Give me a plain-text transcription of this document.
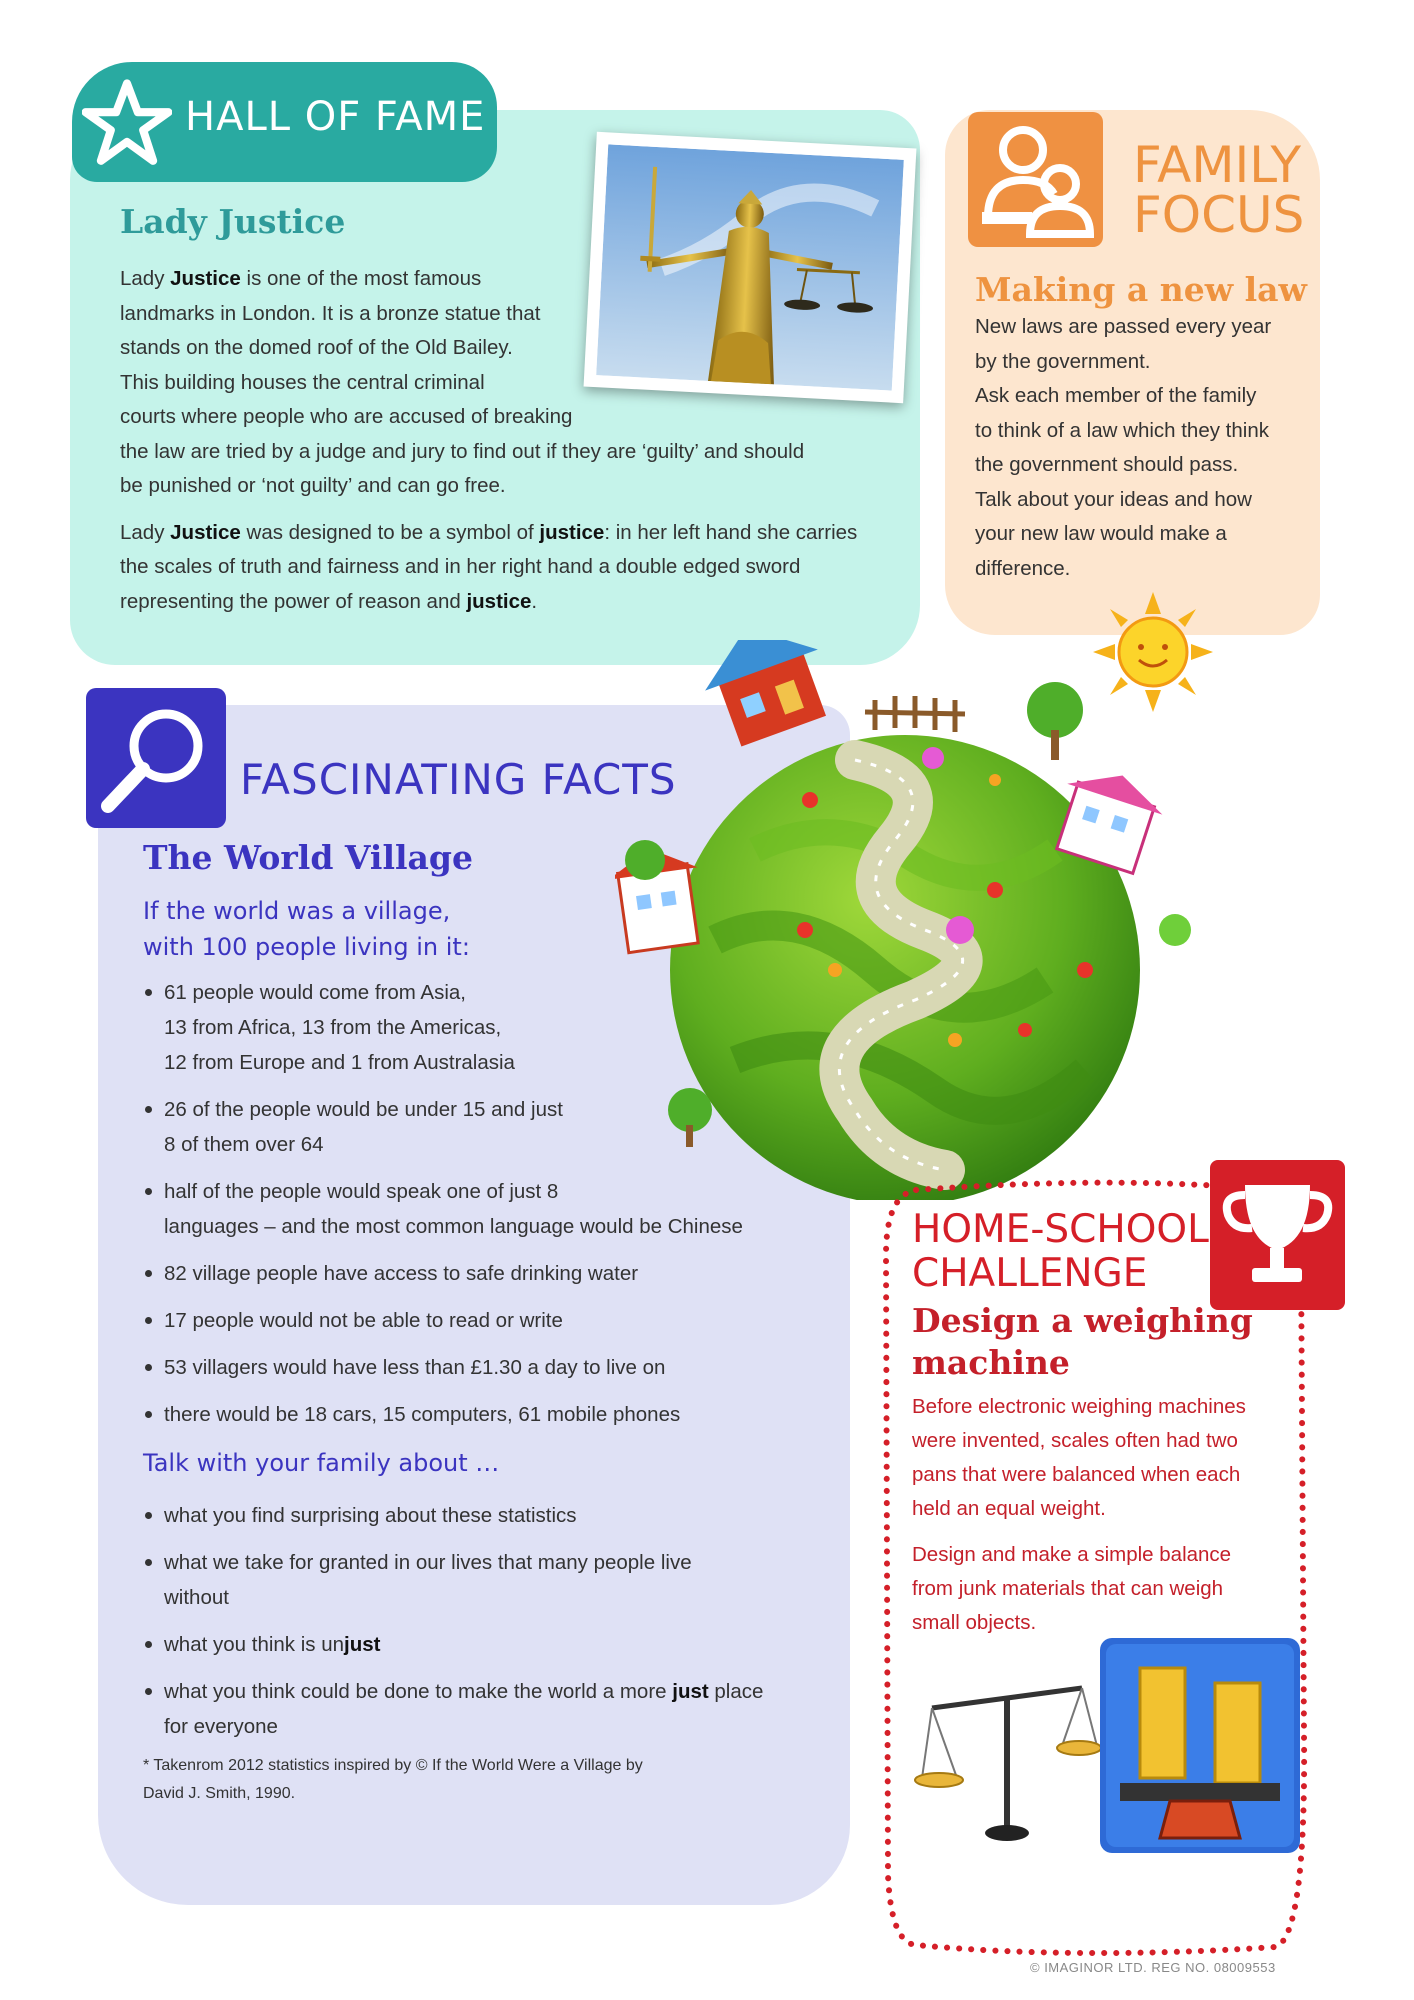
HALL OF FAME
Lady Justice

Lady Justice is one of the most famous
landmarks in London. It is a bronze statue that
stands on the domed roof of the Old Bailey.
This building houses the central criminal
courts where people who are accused of breaking
the law are tried by a judge and jury to find out if they are ‘guilty’ and should
be punished or ‘not guilty’ and can go free.

Lady Justice was designed to be a symbol of justice: in her left hand she carries
the scales of truth and fairness and in her right hand a double edged sword
representing the power of reason and justice.

FAMILY
FOCUS
Making a new law
New laws are passed every year
by the government.
Ask each member of the family
to think of a law which they think
the government should pass.
Talk about your ideas and how
your new law would make a
difference.
FASCINATING FACTS
The World Village
If the world was a village,
with 100 people living in it:
61 people would come from Asia,
13 from Africa, 13 from the Americas,
12 from Europe and 1 from Australasia
26 of the people would be under 15 and just
8 of them over 64
half of the people would speak one of just 8
languages – and the most common language would be Chinese
82 village people have access to safe drinking water
17 people would not be able to read or write
53 villagers would have less than £1.30 a day to live on
there would be 18 cars, 15 computers, 61 mobile phones
Talk with your family about …
what you find surprising about these statistics
what we take for granted in our lives that many people live
without
what you think is unjust
what you think could be done to make the world a more just place
for everyone
* Takenrom 2012 statistics inspired by © If the World Were a Village by
David J. Smith, 1990.
HOME-SCHOOL
CHALLENGE
Design a weighing
machine

Before electronic weighing machines
were invented, scales often had two
pans that were balanced when each
held an equal weight.

Design and make a simple balance
from junk materials that can weigh
small objects.

© IMAGINOR LTD. REG NO. 08009553
